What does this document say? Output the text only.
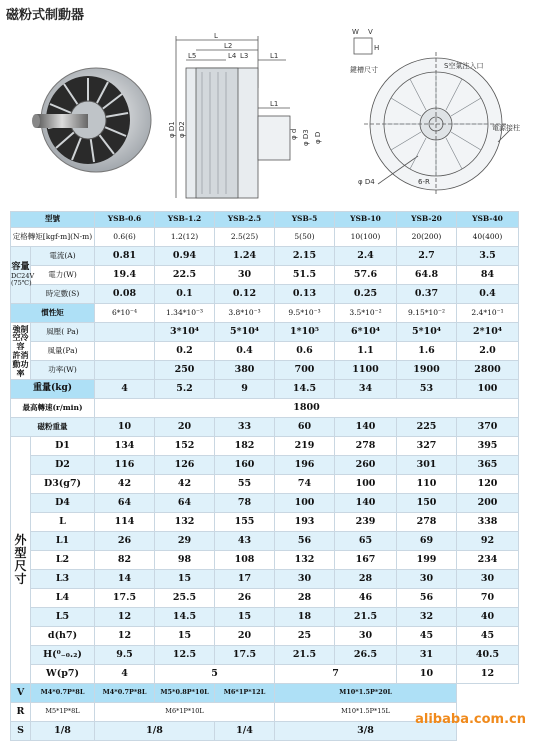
磁粉式制動器
L
L2
L5	L4 L3	L1
L1
φ D1 φ D2	φ d φ D3 φ D
W V
H
鍵槽尺寸	S空氣注入口
電源接柱
φ D4	6-R
型號		YSB-0.6	YSB-1.2	YSB-2.5	YSB-5	YSB-10	YSB-20	YSB-40
定格轉矩[kgf-m](N-m)		0.6(6)	1.2(12)	2.5(25)	5(50)	10(100)	20(200)	40(400)
容量
DC24V
(75℃)	電流(A)	0.81	0.94	1.24	2.15	2.4	2.7	3.5
	電力(W)	19.4	22.5	30	51.5	57.6	64.8	84
	時定數(S)	0.08	0.1	0.12	0.13	0.25	0.37	0.4
慣性矩		6*10⁻⁴	1.34*10⁻³	3.8*10⁻³	9.5*10⁻³	3.5*10⁻²	9.15*10⁻²	2.4*10⁻¹
強制空冷容
許消動功率	風壓( Pa)		3*10⁴	5*10⁴	1*10⁵	6*10⁴	5*10⁴	2*10⁴
	風量(Pa)		0.2	0.4	0.6	1.1	1.6	2.0
	功率(W)		250	380	700	1100	1900	2800
重量(kg)		4	5.2	9	14.5	34	53	100
最高轉速(r/min)		1800						
磁粉重量		10	20	33	60	140	225	370
外
型
尺
寸	D1	134	152	182	219	278	327	395
	D2	116	126	160	196	260	301	365
	D3(g7)	42	42	55	74	100	110	120
	D4	64	64	78	100	140	150	200
	L	114	132	155	193	239	278	338
	L1	26	29	43	56	65	69	92
	L2	82	98	108	132	167	199	234
	L3	14	15	17	30	28	30	30
	L4	17.5	25.5	26	28	46	56	70
	L5	12	14.5	15	18	21.5	32	40
	d(h7)	12	15	20	25	30	45	45
	H(⁰₋₀.₂)	9.5	12.5	17.5	21.5	26.5	31	40.5
	W(p7)	4	5		7		10	12
V	M4*0.7P*8L	M4*0.7P*8L	M5*0.8P*10L	M6*1P*12L	M10*1.5P*20L			
R	M5*1P*8L	M6*1P*10L			M10*1.5P*15L			
S	1/8	1/8		1/4	3/8			
alibaba.com.cn
